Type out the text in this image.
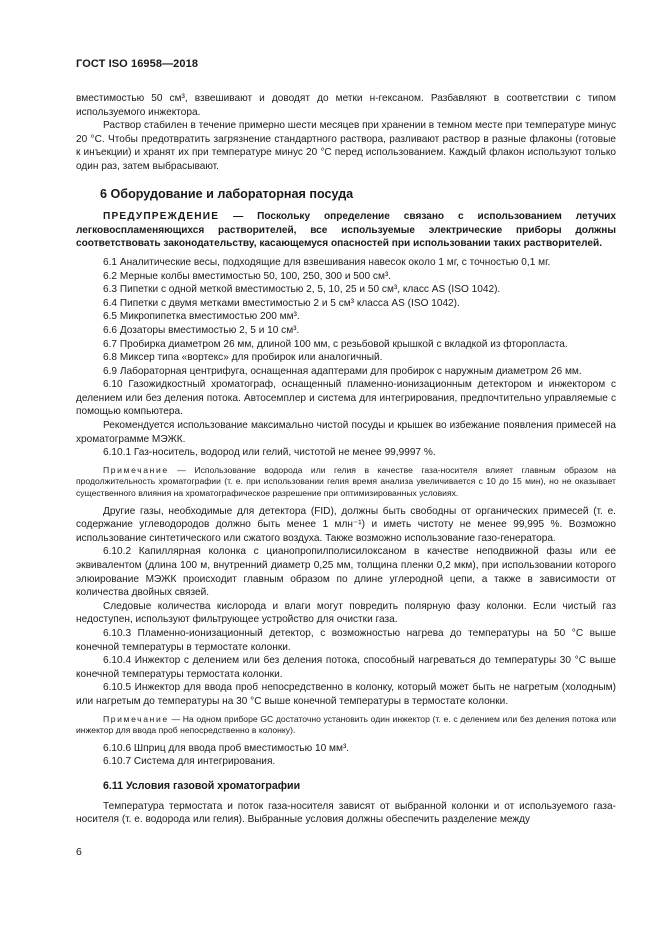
ГОСТ ISO 16958—2018

вместимостью 50 см³, взвешивают и доводят до метки н-гексаном. Разбавляют в соответствии с типом используемого инжектора.

Раствор стабилен в течение примерно шести месяцев при хранении в темном месте при температуре минус 20 °C. Чтобы предотвратить загрязнение стандартного раствора, разливают раствор в разные флаконы (готовые к инъекции) и хранят их при температуре минус 20 °C перед использованием. Каждый флакон используют только один раз, затем выбрасывают.

6 Оборудование и лабораторная посуда

ПРЕДУПРЕЖДЕНИЕ — Поскольку определение связано с использованием летучих легковоспламеняющихся растворителей, все используемые электрические приборы должны соответствовать законодательству, касающемуся опасностей при использовании таких растворителей.

6.1 Аналитические весы, подходящие для взвешивания навесок около 1 мг, с точностью 0,1 мг.

6.2 Мерные колбы вместимостью 50, 100, 250, 300 и 500 см³.

6.3 Пипетки с одной меткой вместимостью 2, 5, 10, 25 и 50 см³, класс AS (ISO 1042).

6.4 Пипетки с двумя метками вместимостью 2 и 5 см³ класса AS (ISO 1042).

6.5 Микропипетка вместимостью 200 мм³.

6.6 Дозаторы вместимостью 2, 5 и 10 см³.

6.7 Пробирка диаметром 26 мм, длиной 100 мм, с резьбовой крышкой с вкладкой из фторопласта.

6.8 Миксер типа «вортекс» для пробирок или аналогичный.

6.9 Лабораторная центрифуга, оснащенная адаптерами для пробирок с наружным диаметром 26 мм.

6.10 Газожидкостный хроматограф, оснащенный пламенно-ионизационным детектором и инжектором с делением или без деления потока. Автосемплер и система для интегрирования, предпочтительно управляемые с помощью компьютера.

Рекомендуется использование максимально чистой посуды и крышек во избежание появления примесей на хроматограмме МЭЖК.

6.10.1 Газ-носитель, водород или гелий, чистотой не менее 99,9997 %.

Примечание — Использование водорода или гелия в качестве газа-носителя влияет главным образом на продолжительность хроматографии (т. е. при использовании гелия время анализа увеличивается с 10 до 15 мин), но не оказывает существенного влияния на хроматографическое разрешение при оптимизированных условиях.

Другие газы, необходимые для детектора (FID), должны быть свободны от органических примесей (т. е. содержание углеводородов должно быть менее 1 млн⁻¹) и иметь чистоту не менее 99,995 %. Возможно использование синтетического или сжатого воздуха. Также возможно использование газо-генератора.

6.10.2 Капиллярная колонка с цианопропилполисилоксаном в качестве неподвижной фазы или ее эквивалентом (длина 100 м, внутренний диаметр 0,25 мм, толщина пленки 0,2 мкм), при использовании которого элюирование МЭЖК происходит главным образом по длине углеродной цепи, а также в зависимости от количества двойных связей.

Следовые количества кислорода и влаги могут повредить полярную фазу колонки. Если чистый газ недоступен, используют фильтрующее устройство для очистки газа.

6.10.3 Пламенно-ионизационный детектор, с возможностью нагрева до температуры на 50 °C выше конечной температуры в термостате колонки.

6.10.4 Инжектор с делением или без деления потока, способный нагреваться до температуры 30 °C выше конечной температуры термостата колонки.

6.10.5 Инжектор для ввода проб непосредственно в колонку, который может быть не нагретым (холодным) или нагретым до температуры на 30 °C выше конечной температуры в термостате колонки.

Примечание — На одном приборе GC достаточно установить один инжектор (т. е. с делением или без деления потока или инжектор для ввода проб непосредственно в колонку).

6.10.6 Шприц для ввода проб вместимостью 10 мм³.

6.10.7 Система для интегрирования.

6.11 Условия газовой хроматографии

Температура термостата и поток газа-носителя зависят от выбранной колонки и от используемого газа-носителя (т. е. водорода или гелия). Выбранные условия должны обеспечить разделение между

6
